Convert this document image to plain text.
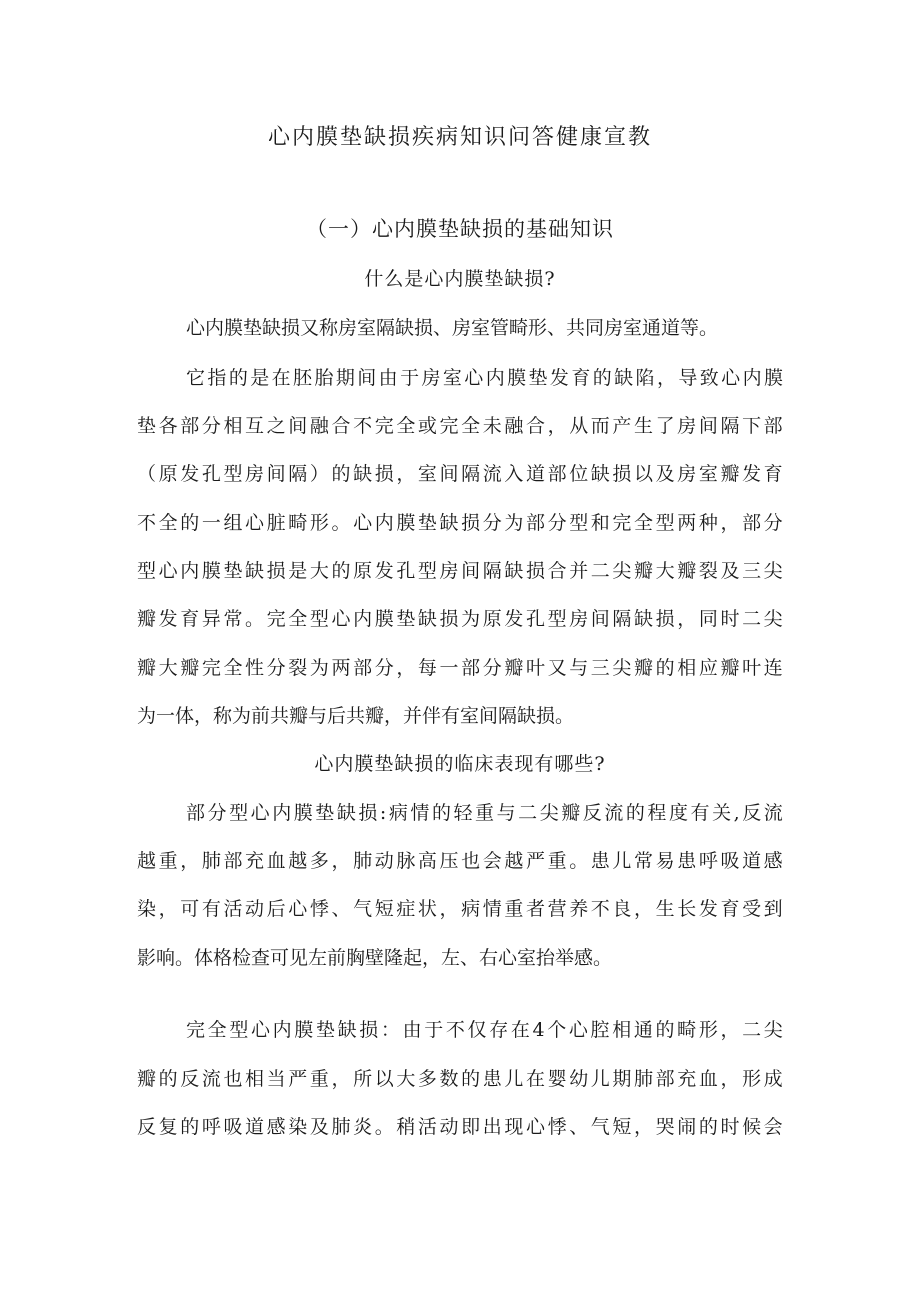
心内膜垫缺损疾病知识问答健康宣教
（一）心内膜垫缺损的基础知识
什么是心内膜垫缺损?
心内膜垫缺损又称房室隔缺损、房室管畸形、共同房室通道等。
它 指 的 是 在 胚 胎 期 间 由 于 房 室 心 内 膜 垫 发 育 的 缺 陷 ， 导 致 心 内 膜
垫 各 部 分 相 互 之 间 融 合 不 完 全 或 完 全 未 融 合 ， 从 而 产 生 了 房 间 隔 下 部
（ 原 发 孔 型 房 间 隔 ） 的 缺 损 ， 室 间 隔 流 入 道 部 位 缺 损 以 及 房 室 瓣 发 育
不 全 的 一 组 心 脏 畸 形 。 心 内 膜 垫 缺 损 分 为 部 分 型 和 完 全 型 两 种 ， 部 分
型 心 内 膜 垫 缺 损 是 大 的 原 发 孔 型 房 间 隔 缺 损 合 并 二 尖 瓣 大 瓣 裂 及 三 尖
瓣 发 育 异 常 。 完 全 型 心 内 膜 垫 缺 损 为 原 发 孔 型 房 间 隔 缺 损 ， 同 时 二 尖
瓣 大 瓣 完 全 性 分 裂 为 两 部 分 ， 每 一 部 分 瓣 叶 又 与 三 尖 瓣 的 相 应 瓣 叶 连
为一体，称为前共瓣与后共瓣，并伴有室间隔缺损。
心内膜垫缺损的临床表现有哪些?
部 分 型 心 内 膜 垫 缺 损 : 病 情 的 轻 重 与 二 尖 瓣 反 流 的 程 度 有 关 , 反 流
越 重 ， 肺 部 充 血 越 多 ， 肺 动 脉 高 压 也 会 越 严 重 。 患 儿 常 易 患 呼 吸 道 感
染 ， 可 有 活 动 后 心 悸 、 气 短 症 状 ， 病 情 重 者 营 养 不 良 ， 生 长 发 育 受 到
影响。体格检查可见左前胸壁隆起，左、右心室抬举感。
完 全 型 心 内 膜 垫 缺 损 ： 由 于 不 仅 存 在 4 个 心 腔 相 通 的 畸 形 ， 二 尖
瓣 的 反 流 也 相 当 严 重 ， 所 以 大 多 数 的 患 儿 在 婴 幼 儿 期 肺 部 充 血 ， 形 成
反 复 的 呼 吸 道 感 染 及 肺 炎 。 稍 活 动 即 出 现 心 悸 、 气 短 ， 哭 闹 的 时 候 会
